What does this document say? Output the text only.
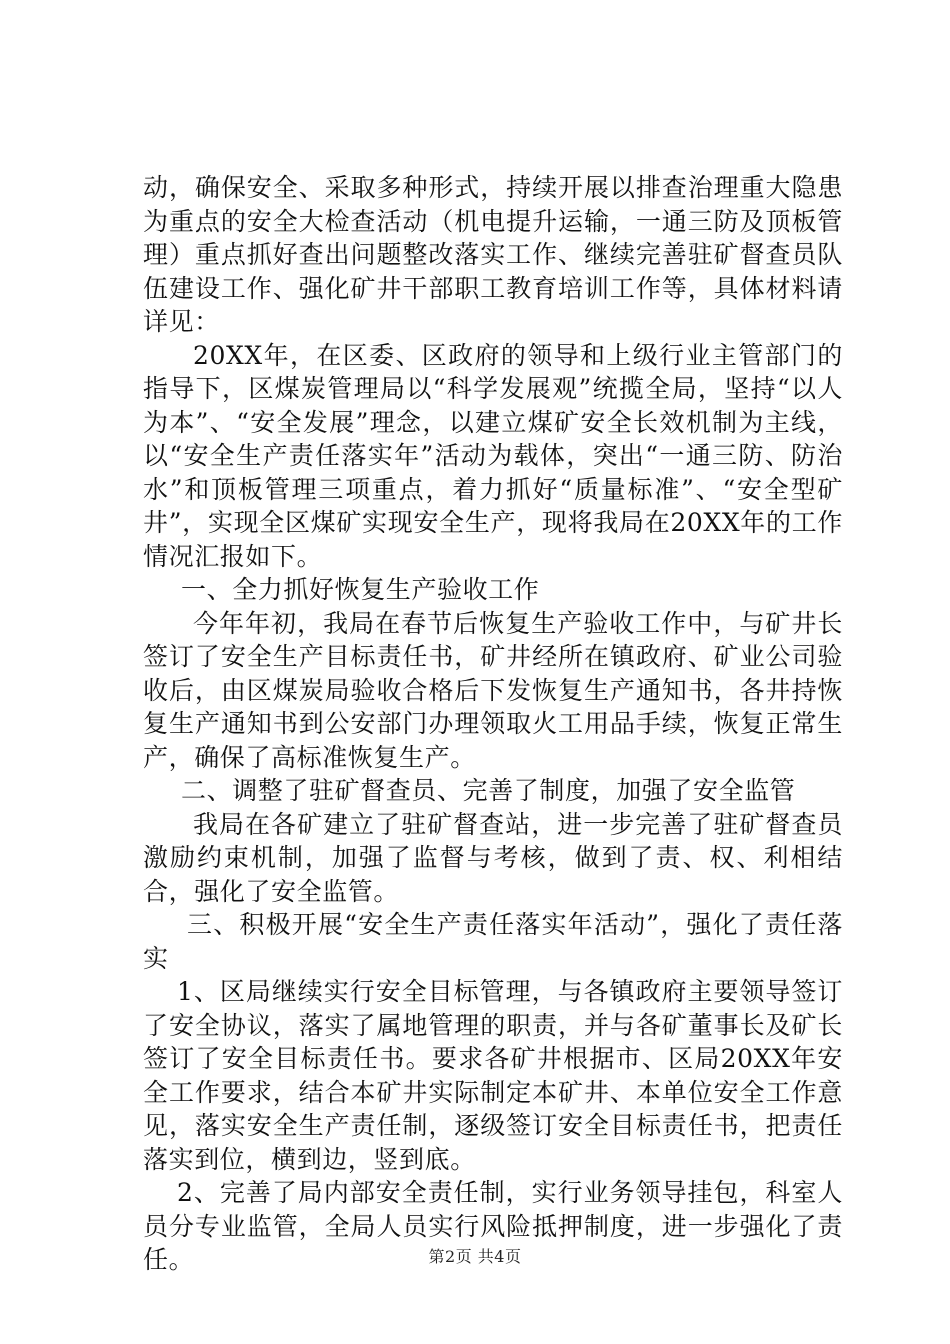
动，确保安全、采取多种形式，持续开展以排查治理重大隐患为重点的安全大检查活动（机电提升运输，一通三防及顶板管理）重点抓好查出问题整改落实工作、继续完善驻矿督查员队伍建设工作、强化矿井干部职工教育培训工作等，具体材料请详见：

20XX年，在区委、区政府的领导和上级行业主管部门的指导下，区煤炭管理局以“科学发展观”统揽全局，坚持“以人为本”、“安全发展”理念，以建立煤矿安全长效机制为主线，以“安全生产责任落实年”活动为载体，突出“一通三防、防治水”和顶板管理三项重点，着力抓好“质量标准”、“安全型矿井”，实现全区煤矿实现安全生产，现将我局在20XX年的工作情况汇报如下。

一、全力抓好恢复生产验收工作

今年年初，我局在春节后恢复生产验收工作中，与矿井长签订了安全生产目标责任书，矿井经所在镇政府、矿业公司验收后，由区煤炭局验收合格后下发恢复生产通知书，各井持恢复生产通知书到公安部门办理领取火工用品手续，恢复正常生产，确保了高标准恢复生产。

二、调整了驻矿督查员、完善了制度，加强了安全监管

我局在各矿建立了驻矿督查站，进一步完善了驻矿督查员激励约束机制，加强了监督与考核，做到了责、权、利相结合，强化了安全监管。

三、积极开展“安全生产责任落实年活动”，强化了责任落实

1、区局继续实行安全目标管理，与各镇政府主要领导签订了安全协议，落实了属地管理的职责，并与各矿董事长及矿长签订了安全目标责任书。要求各矿井根据市、区局20XX年安全工作要求，结合本矿井实际制定本矿井、本单位安全工作意见，落实安全生产责任制，逐级签订安全目标责任书，把责任落实到位，横到边，竖到底。

2、完善了局内部安全责任制，实行业务领导挂包，科室人员分专业监管，全局人员实行风险抵押制度，进一步强化了责任。	第2页 共4页
